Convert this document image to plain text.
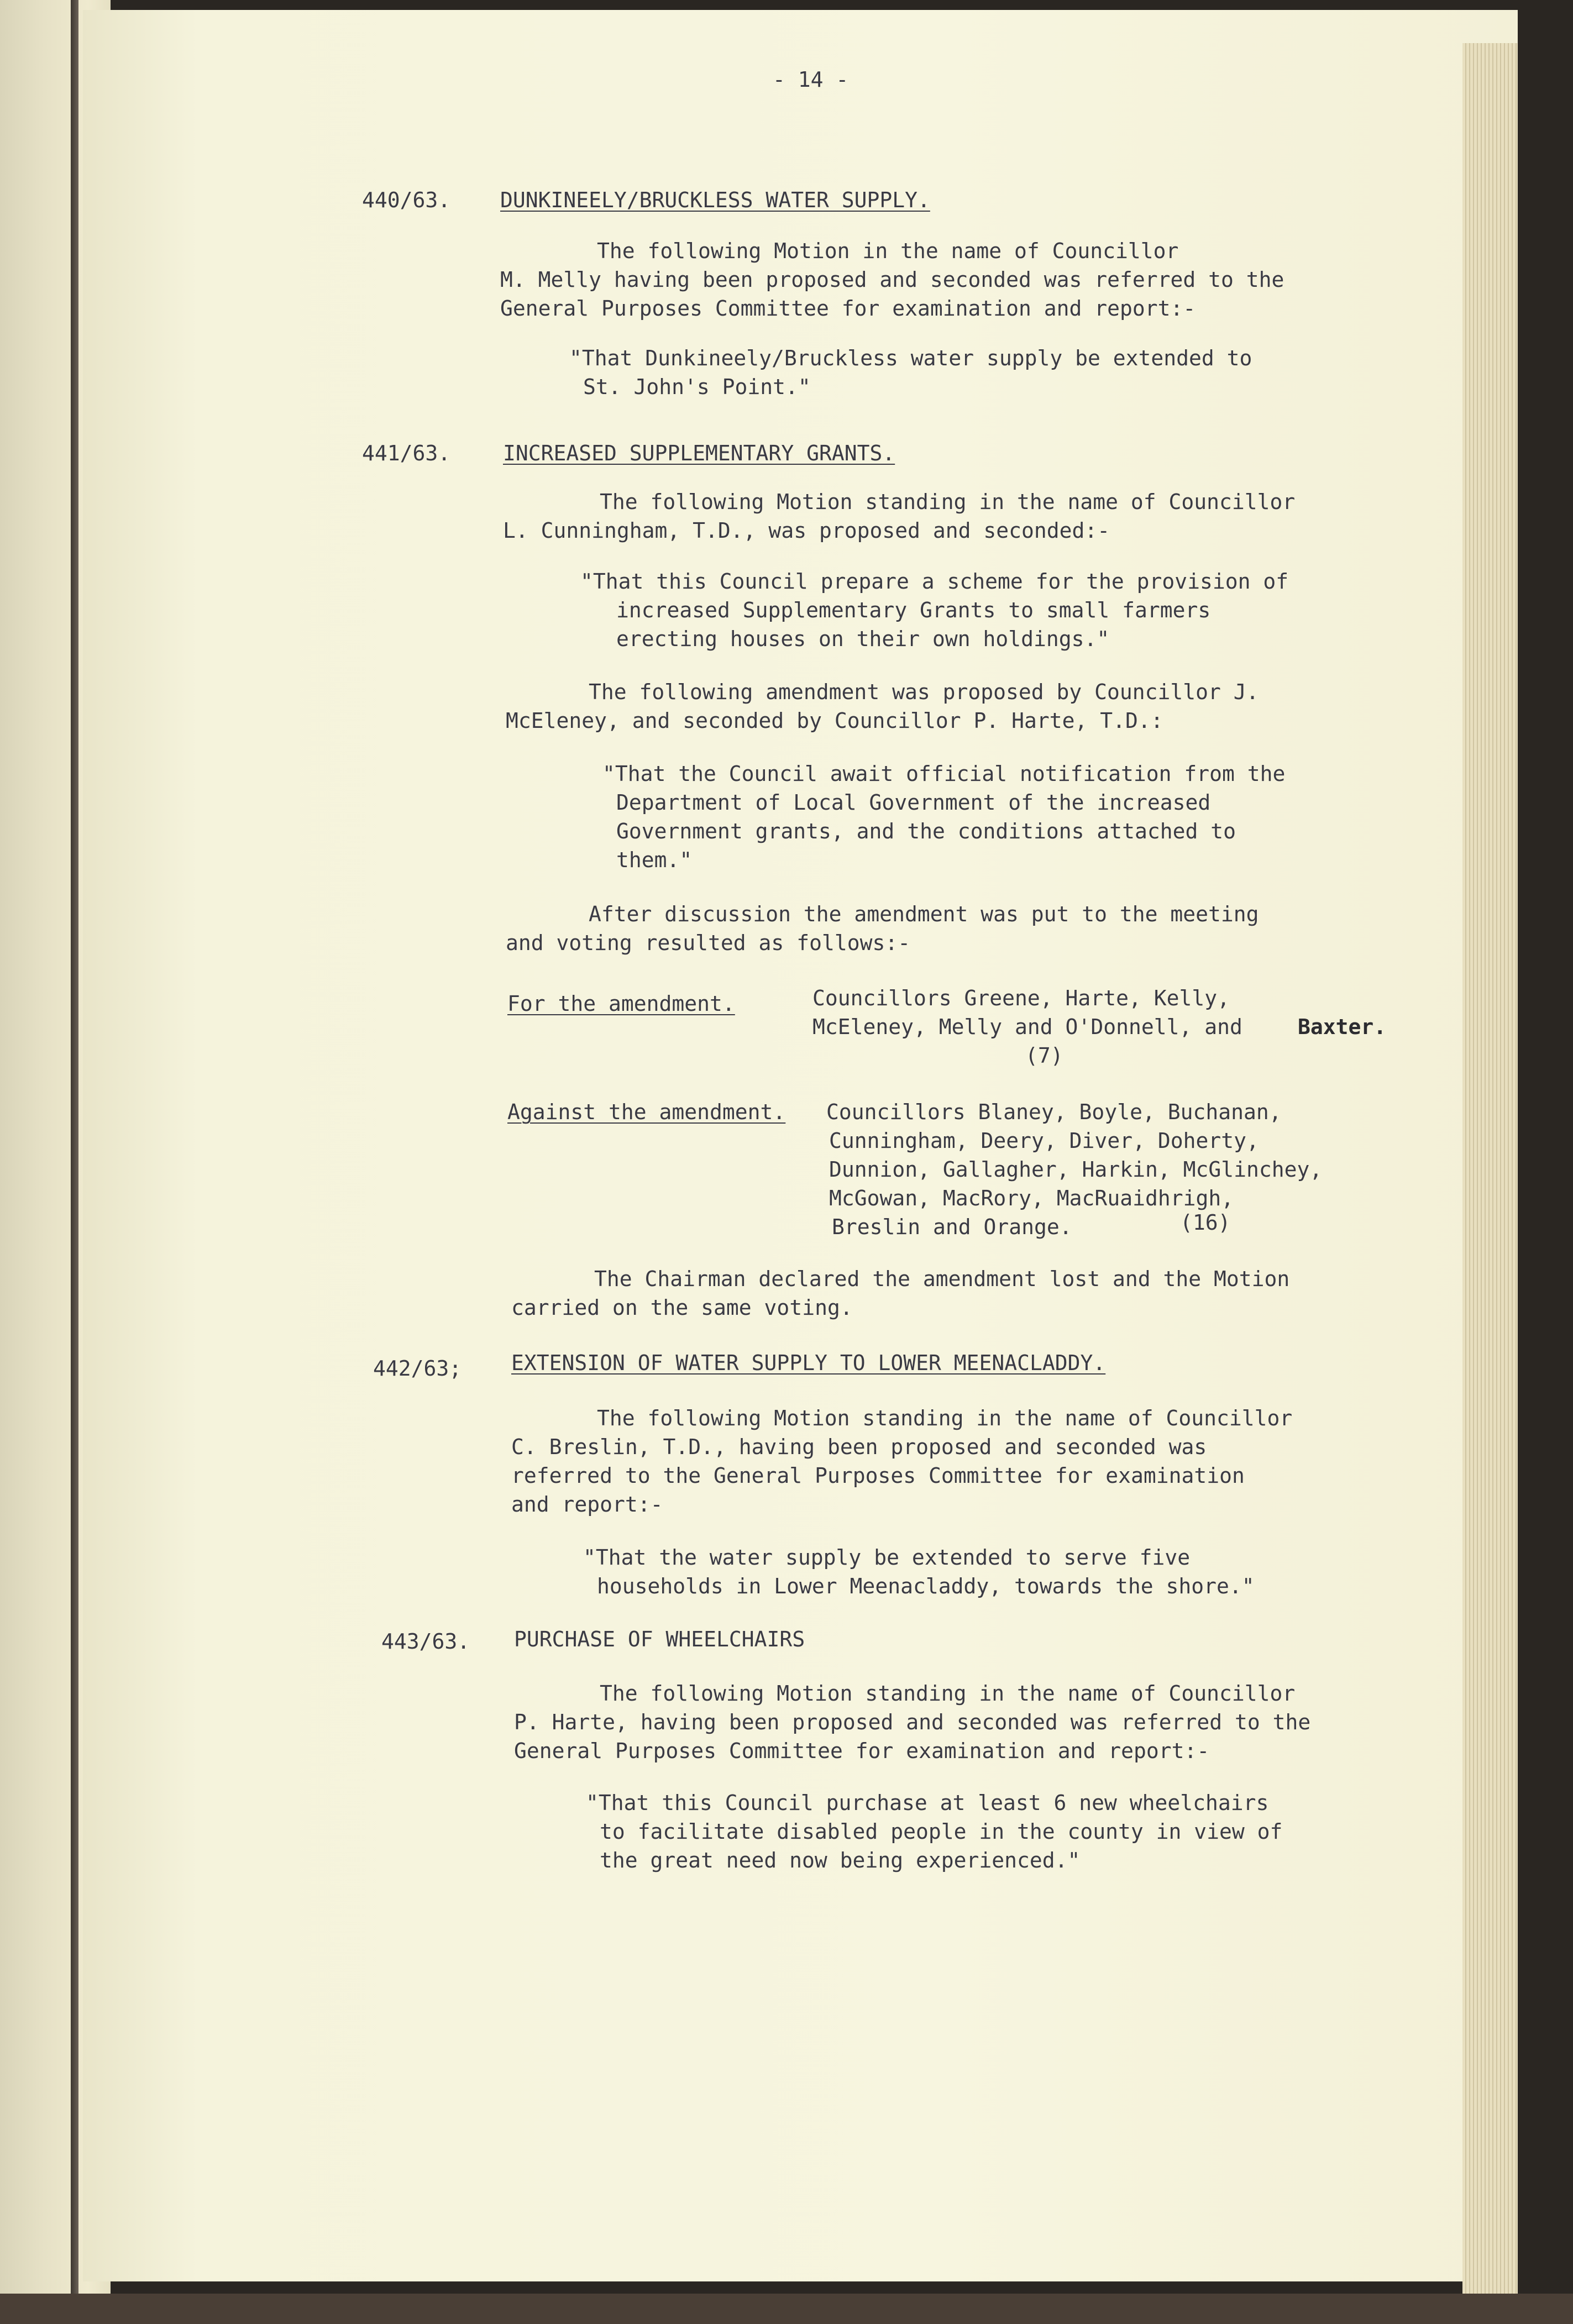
- 14 -
440/63. DUNKINEELY/BRUCKLESS WATER SUPPLY.
The following Motion in the name of Councillor
M. Melly having been proposed and seconded was referred to the
General Purposes Committee for examination and report:-
"That Dunkineely/Bruckless water supply be extended to
St. John's Point."
441/63. INCREASED SUPPLEMENTARY GRANTS.
The following Motion standing in the name of Councillor
L. Cunningham, T.D., was proposed and seconded:-
"That this Council prepare a scheme for the provision of
increased Supplementary Grants to small farmers
erecting houses on their own holdings."
The following amendment was proposed by Councillor J.
McEleney, and seconded by Councillor P. Harte, T.D.:
"That the Council await official notification from the
Department of Local Government of the increased
Government grants, and the conditions attached to
them."
After discussion the amendment was put to the meeting
and voting resulted as follows:-
For the amendment.	Councillors Greene, Harte, Kelly,
McEleney, Melly and O'Donnell, and	Baxter.
(7)
Against the amendment. Councillors Blaney, Boyle, Buchanan,
Cunningham, Deery, Diver, Doherty,
Dunnion, Gallagher, Harkin, McGlinchey,
McGowan, MacRory, MacRuaidhrigh,
Breslin and Orange.	(16)
The Chairman declared the amendment lost and the Motion
carried on the same voting.
442/63; EXTENSION OF WATER SUPPLY TO LOWER MEENACLADDY.
The following Motion standing in the name of Councillor
C. Breslin, T.D., having been proposed and seconded was
referred to the General Purposes Committee for examination
and report:-
"That the water supply be extended to serve five
households in Lower Meenacladdy, towards the shore."
443/63. PURCHASE OF WHEELCHAIRS
The following Motion standing in the name of Councillor
P. Harte, having been proposed and seconded was referred to the
General Purposes Committee for examination and report:-
"That this Council purchase at least 6 new wheelchairs
to facilitate disabled people in the county in view of
the great need now being experienced."
